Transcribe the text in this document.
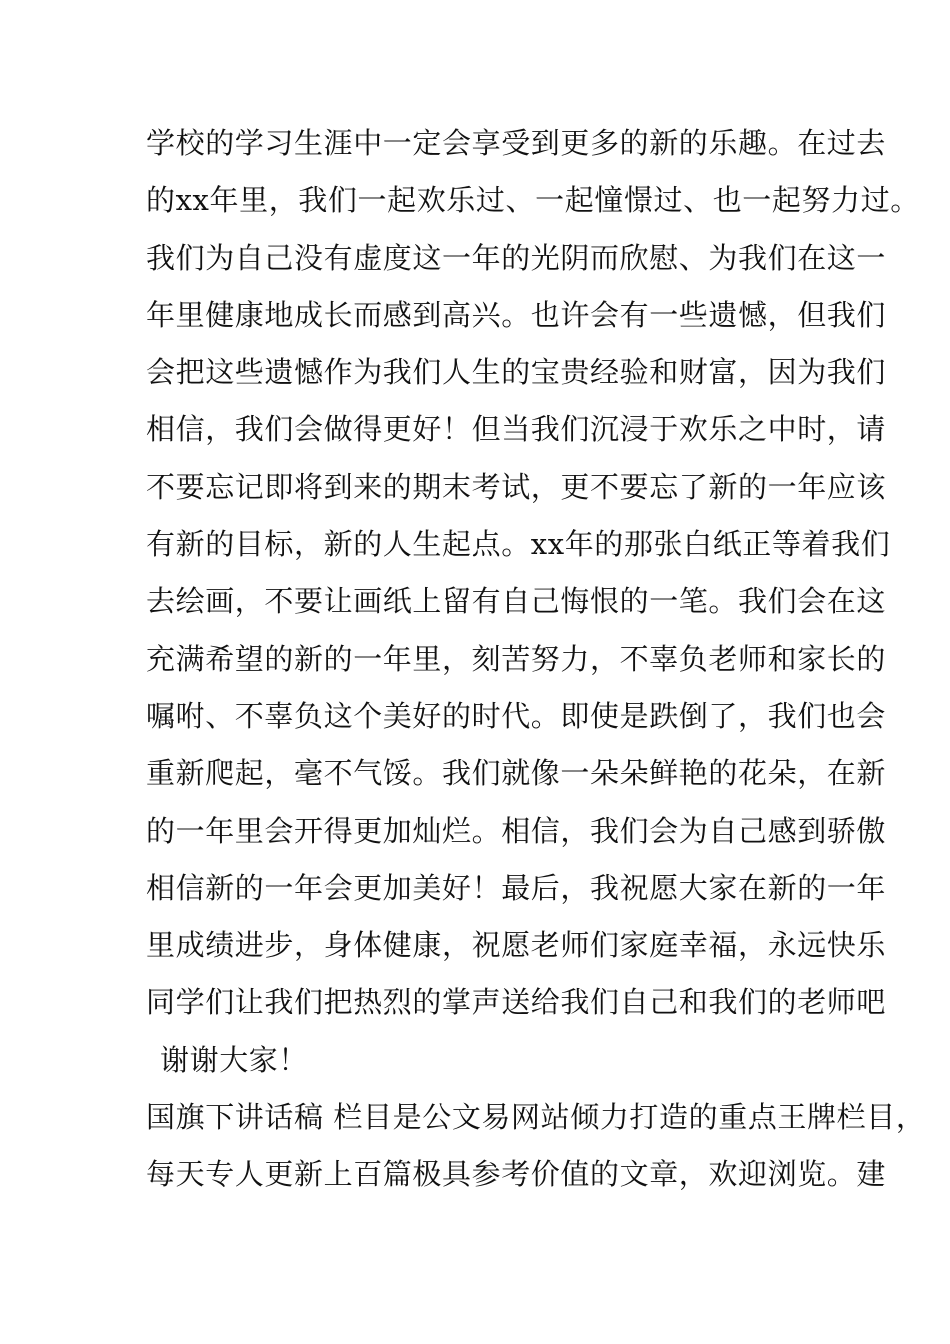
学校的学习生涯中一定会享受到更多的新的乐趣。在过去
的xx年里，我们一起欢乐过、一起憧憬过、也一起努力过。
我们为自己没有虚度这一年的光阴而欣慰、为我们在这一
年里健康地成长而感到高兴。也许会有一些遗憾，但我们
会把这些遗憾作为我们人生的宝贵经验和财富，因为我们
相信，我们会做得更好！但当我们沉浸于欢乐之中时，请
不要忘记即将到来的期末考试，更不要忘了新的一年应该
有新的目标，新的人生起点。xx年的那张白纸正等着我们
去绘画，不要让画纸上留有自己悔恨的一笔。我们会在这
充满希望的新的一年里，刻苦努力，不辜负老师和家长的
嘱咐、不辜负这个美好的时代。即使是跌倒了，我们也会
重新爬起，毫不气馁。我们就像一朵朵鲜艳的花朵，在新
的一年里会开得更加灿烂。相信，我们会为自己感到骄傲
相信新的一年会更加美好！最后，我祝愿大家在新的一年
里成绩进步，身体健康，祝愿老师们家庭幸福，永远快乐
同学们让我们把热烈的掌声送给我们自己和我们的老师吧
谢谢大家！
国旗下讲话稿 栏目是公文易网站倾力打造的重点王牌栏目，
每天专人更新上百篇极具参考价值的文章，欢迎浏览。建
